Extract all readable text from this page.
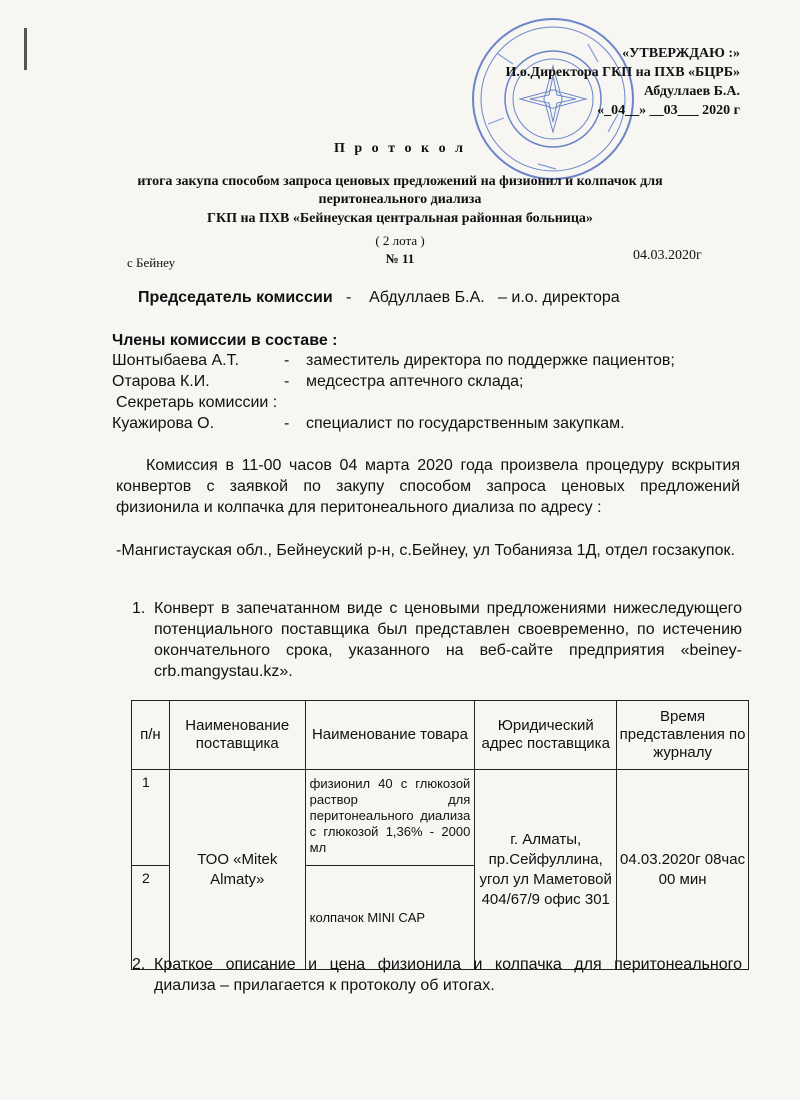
«УТВЕРЖДАЮ :»
И.о.Директора ГКП на ПХВ «БЦРБ»
Абдуллаев Б.А.
«_04__» __03___ 2020 г
П р о т о к о л
итога закупа способом запроса ценовых предложений на физионил и колпачок для
перитонеального диализа
ГКП на ПХВ «Бейнеуская центральная районная больница»
( 2 лота )
№ 11
с Бейнеу	04.03.2020г
Председатель комиссии - Абдуллаев Б.А. – и.о. директора
Члены комиссии в составе :
Шонтыбаева А.Т.	- заместитель директора по поддержке пациентов;
Отарова К.И.	- медсестра аптечного склада;
Секретарь комиссии :
Куажирова О.	- специалист по государственным закупкам.
Комиссия в 11-00 часов 04 марта 2020 года произвела процедуру вскрытия конвертов с заявкой по закупу способом запроса ценовых предложений физионила и колпачка для перитонеального диализа по адресу :
-Мангистауская обл., Бейнеуский р-н, с.Бейнеу, ул Тобанияза 1Д, отдел госзакупок.
1. Конверт в запечатанном виде с ценовыми предложениями нижеследующего потенциального поставщика был представлен своевременно, по истечению окончательного срока, указанного на веб-сайте предприятия «beiney-crb.mangystau.kz».
п/н	Наименование поставщика	Наименование товара	Юридический адрес поставщика	Время представления по журналу
1	ТОО «Mitek Almaty»	физионил 40 с глюкозой раствор для перитонеального диализа с глюкозой 1,36% - 2000 мл	г. Алматы, пр.Сейфуллина, угол ул Маметовой 404/67/9 офис 301	04.03.2020г 08час 00 мин
2		колпачок MINI CAP		
2. Краткое описание и цена физионила и колпачка для перитонеального диализа – прилагается к протоколу об итогах.
